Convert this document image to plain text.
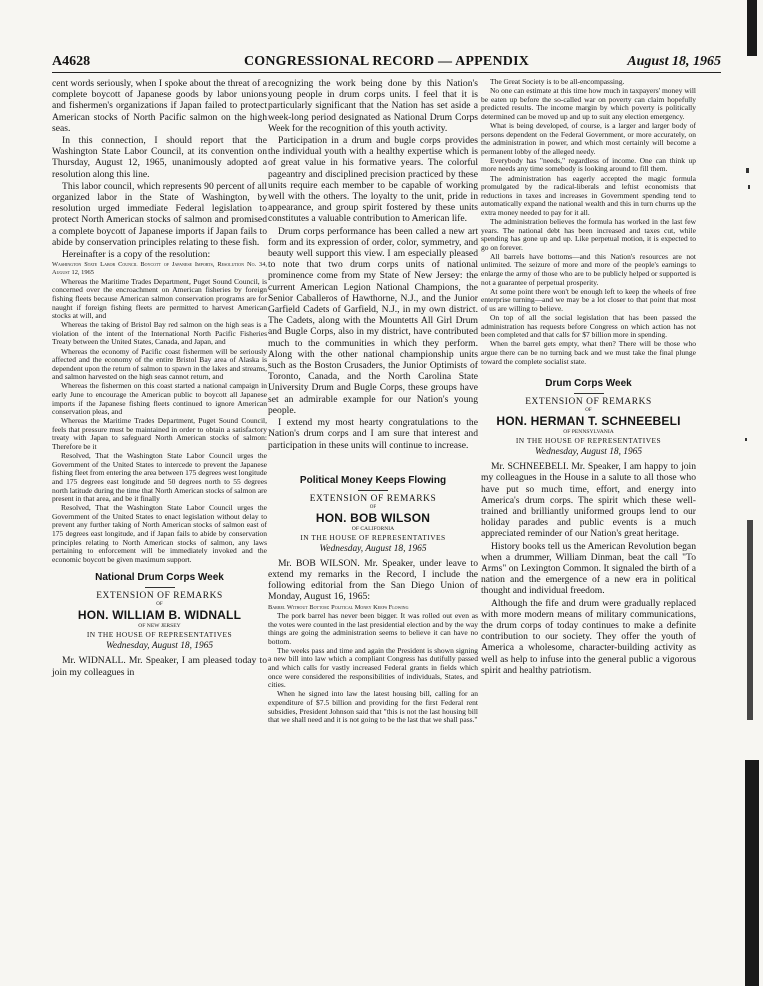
A4628	CONGRESSIONAL RECORD — APPENDIX	August 18, 1965

cent words seriously, when I spoke about the threat of a complete boycott of Japanese goods by labor unions and fishermen's organizations if Japan failed to protect American stocks of North Pacific salmon on the high seas.

In this connection, I should report that the Washington State Labor Council, at its convention on Thursday, August 12, 1965, unanimously adopted a resolution along this line.

This labor council, which represents 90 percent of all organized labor in the State of Washington, by resolution urged immediate Federal legislation to protect North American stocks of salmon and promised a complete boycott of Japanese imports if Japan fails to abide by conservation principles relating to these fish.

Hereinafter is a copy of the resolution:

Washington State Labor Council Boycott of Japanese Imports, Resolution No. 34, August 12, 1965

Whereas the Maritime Trades Department, Puget Sound Council, is concerned over the encroachment on American fisheries by foreign fishing fleets because American salmon conservation programs are for naught if foreign fishing fleets are permitted to harvest American stocks at will, and

Whereas the taking of Bristol Bay red salmon on the high seas is a violation of the intent of the International North Pacific Fisheries Treaty between the United States, Canada, and Japan, and

Whereas the economy of Pacific coast fishermen will be seriously affected and the economy of the entire Bristol Bay area of Alaska is dependent upon the return of salmon to spawn in the lakes and streams, and salmon harvested on the high seas cannot return, and

Whereas the fishermen on this coast started a national campaign in early June to encourage the American public to boycott all Japanese imports if the Japanese fishing fleets continued to ignore American conservation pleas, and

Whereas the Maritime Trades Department, Puget Sound Council, feels that pressure must be maintained in order to obtain a satisfactory treaty with Japan to safeguard North American stocks of salmon: Therefore be it

Resolved, That the Washington State Labor Council urges the Government of the United States to intercede to prevent the Japanese fishing fleet from entering the area between 175 degrees west longitude and 175 degrees east longitude and 50 degrees north to 55 degrees north latitude during the time that North American stocks of salmon are present in that area, and be it finally

Resolved, That the Washington State Labor Council urges the Government of the United States to enact legislation without delay to prevent any further taking of North American stocks of salmon east of 175 degrees east longitude, and if Japan fails to abide by conservation principles relating to North American stocks of salmon, any laws pertaining to enforcement will be immediately invoked and the economic boycott be given maximum support.

National Drum Corps Week
EXTENSION OF REMARKS
OF
HON. WILLIAM B. WIDNALL
OF NEW JERSEY
IN THE HOUSE OF REPRESENTATIVES
Wednesday, August 18, 1965

Mr. WIDNALL. Mr. Speaker, I am pleased today to join my colleagues in

recognizing the work being done by this Nation's young people in drum corps units. I feel that it is particularly significant that the Nation has set aside a week-long period designated as National Drum Corps Week for the recognition of this youth activity.

Participation in a drum and bugle corps provides the individual youth with a healthy expertise which is of great value in his formative years. The colorful pageantry and disciplined precision practiced by these units require each member to be capable of working well with the others. The loyalty to the unit, pride in appearance, and group spirit fostered by these units constitutes a valuable contribution to American life.

Drum corps performance has been called a new art form and its expression of order, color, symmetry, and beauty well support this view. I am especially pleased to note that two drum corps units of national prominence come from my State of New Jersey: the current American Legion National Champions, the Senior Caballeros of Hawthorne, N.J., and the Junior Garfield Cadets of Garfield, N.J., in my own district. The Cadets, along with the Mountetts All Girl Drum and Bugle Corps, also in my district, have contributed much to the communities in which they perform. Along with the other national championship units such as the Boston Crusaders, the Junior Optimists of Toronto, Canada, and the North Carolina State University Drum and Bugle Corps, these groups have set an admirable example for our Nation's young people.

I extend my most hearty congratulations to the Nation's drum corps and I am sure that interest and participation in these units will continue to increase.

Political Money Keeps Flowing
EXTENSION OF REMARKS
OF
HON. BOB WILSON
OF CALIFORNIA
IN THE HOUSE OF REPRESENTATIVES
Wednesday, August 18, 1965

Mr. BOB WILSON. Mr. Speaker, under leave to extend my remarks in the Record, I include the following editorial from the San Diego Union of Monday, August 16, 1965:

Barrel Without Bottom: Political Money Keeps Flowing

The pork barrel has never been bigger. It was rolled out even as the votes were counted in the last presidential election and by the way things are going the administration seems to believe it can have no bottom.

The weeks pass and time and again the President is shown signing a new bill into law which a compliant Congress has dutifully passed and which calls for vastly increased Federal grants in fields which once were considered the responsibilities of individuals, States, and cities.

When he signed into law the latest housing bill, calling for an expenditure of $7.5 billion and providing for the first Federal rent subsidies, President Johnson said that "this is not the last housing bill that we shall need and it is not going to be the last that we shall pass."

The Great Society is to be all-encompassing.

No one can estimate at this time how much in taxpayers' money will be eaten up before the so-called war on poverty can claim hopefully predicted results. The income margin by which poverty is politically determined can be moved up and up to suit any election emergency.

What is being developed, of course, is a larger and larger body of persons dependent on the Federal Government, or more accurately, on the administration in power, and which most certainly will become a permanent lobby of the alleged needy.

Everybody has "needs," regardless of income. One can think up more needs any time somebody is looking around to fill them.

The administration has eagerly accepted the magic formula promulgated by the radical-liberals and leftist economists that reductions in taxes and increases in Government spending tend to automatically expand the national wealth and this in turn churns up the extra money needed to pay for it all.

The administration believes the formula has worked in the last few years. The national debt has been increased and taxes cut, while spending has gone up and up. Like perpetual motion, it is expected to go on forever.

All barrels have bottoms—and this Nation's resources are not unlimited. The seizure of more and more of the people's earnings to enlarge the army of those who are to be publicly helped or supported is not a guarantee of perpetual prosperity.

At some point there won't be enough left to keep the wheels of free enterprise turning—and we may be a lot closer to that point that most of us are willing to believe.

On top of all the social legislation that has been passed the administration has requests before Congress on which action has not been completed and that calls for $7 billion more in spending.

When the barrel gets empty, what then? There will be those who argue there can be no turning back and we must take the final plunge toward the complete socialist state.

Drum Corps Week
EXTENSION OF REMARKS
OF
HON. HERMAN T. SCHNEEBELI
OF PENNSYLVANIA
IN THE HOUSE OF REPRESENTATIVES
Wednesday, August 18, 1965

Mr. SCHNEEBELI. Mr. Speaker, I am happy to join my colleagues in the House in a salute to all those who have put so much time, effort, and energy into America's drum corps. The spirit which these well-trained and brilliantly uniformed groups lend to our holiday parades and public events is a much appreciated reminder of our Nation's great heritage.

History books tell us the American Revolution began when a drummer, William Dinman, beat the call "To Arms" on Lexington Common. It signaled the birth of a nation and the emergence of a new era in political thought and individual freedom.

Although the fife and drum were gradually replaced with more modern means of military communications, the drum corps of today continues to make a definite contribution to our society. They offer the youth of America a wholesome, character-building activity as well as help to infuse into the general public a vigorous spirit and healthy patriotism.
